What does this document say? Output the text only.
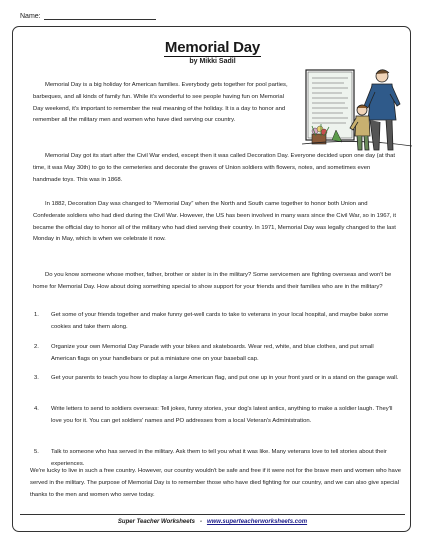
Name:
Memorial Day
by Mikki Sadil
Memorial Day is a big holiday for American families. Everybody gets together for pool parties, barbeques, and all kinds of family fun. While it's wonderful to see people having fun on Memorial Day weekend, it's important to remember the real meaning of the holiday. It is a day to honor and remember all the military men and women who have died serving our country.
Memorial Day got its start after the Civil War ended, except then it was called Decoration Day. Everyone decided upon one day (at that time, it was May 30th) to go to the cemeteries and decorate the graves of Union soldiers with flowers, notes, and sometimes even handmade toys. This was in 1868.
In 1882, Decoration Day was changed to “Memorial Day” when the North and South came together to honor both Union and Confederate soldiers who had died during the Civil War. However, the US has been involved in many wars since the Civil War, so in 1967, it became the official day to honor all of the military who had died serving their country. In 1971, Memorial Day was legally changed to the last Monday in May, which is when we celebrate it now.
Do you know someone whose mother, father, brother or sister is in the military? Some servicemen are fighting overseas and won't be home for Memorial Day. How about doing something special to show support for your friends and their families who are in the military?
1.	Get some of your friends together and make funny get-well cards to take to veterans in your local hospital, and maybe bake some cookies and take them along.
2.	Organize your own Memorial Day Parade with your bikes and skateboards. Wear red, white, and blue clothes, and put small American flags on your handlebars or put a miniature one on your baseball cap.
3.	Get your parents to teach you how to display a large American flag, and put one up in your front yard or in a stand on the garage wall.
4.	Write letters to send to soldiers overseas: Tell jokes, funny stories, your dog's latest antics, anything to make a soldier laugh. They'll love you for it. You can get soldiers' names and PO addresses from a local Veteran's Administration.
5.	Talk to someone who has served in the military. Ask them to tell you what it was like. Many veterans love to tell stories about their experiences.
We're lucky to live in such a free country. However, our country wouldn't be safe and free if it were not for the brave men and women who have served in the military. The purpose of Memorial Day is to remember those who have died fighting for our country, and we can also give special thanks to the men and women who serve today.
Super Teacher Worksheets - www.superteacherworksheets.com
